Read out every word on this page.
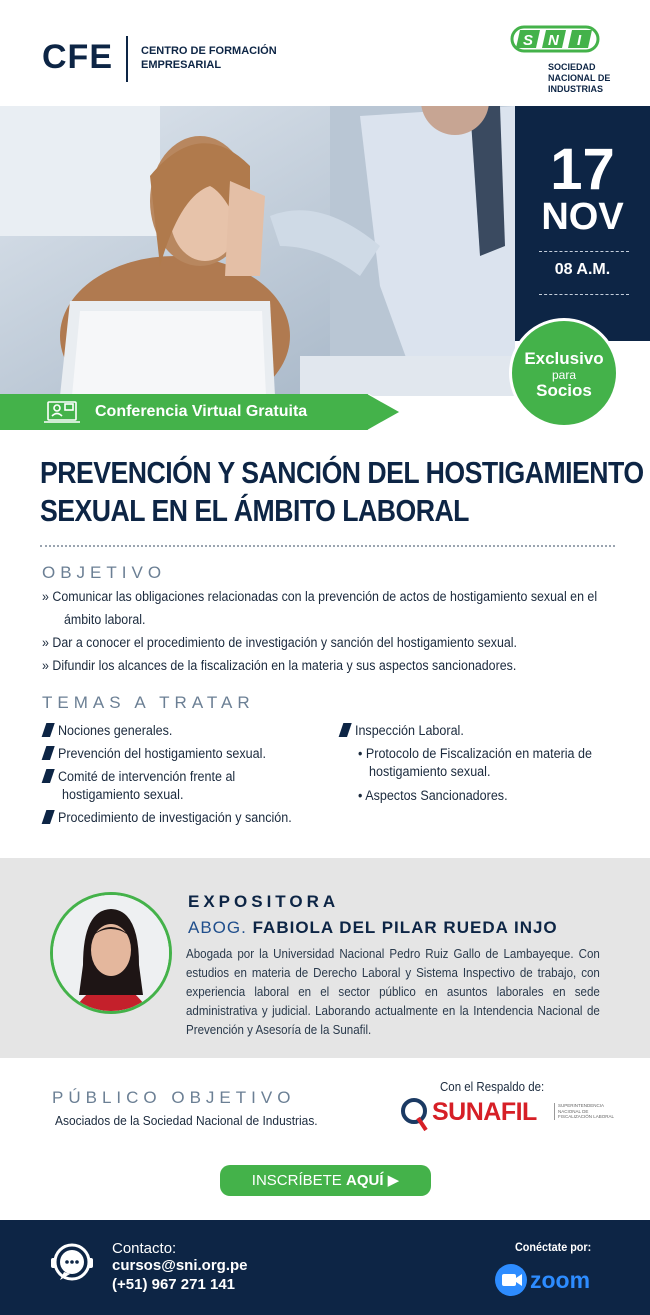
CFE	CENTRO DE FORMACIÓN
EMPRESARIAL
S N I
SOCIEDAD
NACIONAL DE
INDUSTRIAS
17
NOV
08 A.M.
Conferencia Virtual Gratuita
Exclusivo
para
Socios
PREVENCIÓN Y SANCIÓN DEL HOSTIGAMIENTO
SEXUAL EN EL ÁMBITO LABORAL
OBJETIVO
» Comunicar las obligaciones relacionadas con la prevención de actos de hostigamiento sexual en el
ámbito laboral.
» Dar a conocer el procedimiento de investigación y sanción del hostigamiento sexual.
» Difundir los alcances de la fiscalización en la materia y sus aspectos sancionadores.
TEMAS A TRATAR
Nociones generales.
Prevención del hostigamiento sexual.
Comité de intervención frente al
hostigamiento sexual.
Procedimiento de investigación y sanción.
Inspección Laboral.
• Protocolo de Fiscalización en materia de
hostigamiento sexual.
• Aspectos Sancionadores.
EXPOSITORA
ABOG. FABIOLA DEL PILAR RUEDA INJO
Abogada por la Universidad Nacional Pedro Ruiz Gallo de Lambayeque. Con estudios en materia de Derecho Laboral y Sistema Inspectivo de trabajo, con experiencia laboral en el sector público en asuntos laborales en sede administrativa y judicial. Laborando actualmente en la Intendencia Nacional de Prevención y Asesoría de la Sunafil.
PÚBLICO OBJETIVO
Asociados de la Sociedad Nacional de Industrias.
Con el Respaldo de:
SUNAFIL	SUPERINTENDENCIA NACIONAL DE FISCALIZACIÓN LABORAL
INSCRÍBETE AQUÍ ▶
Contacto:
cursos@sni.org.pe
(+51) 967 271 141
Conéctate por:
zoom
